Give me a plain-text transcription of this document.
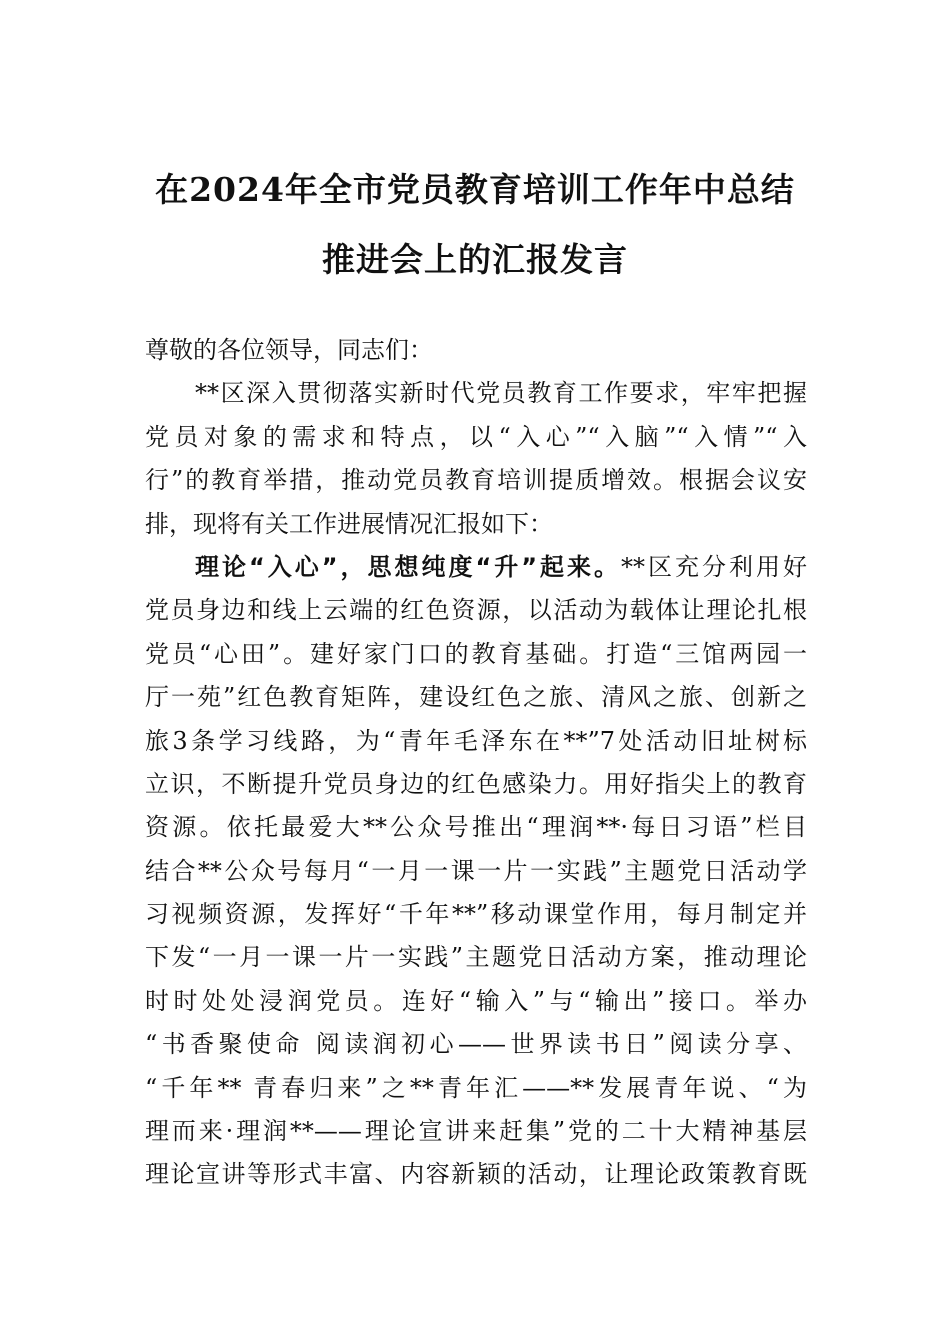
在2024年全市党员教育培训工作年中总结
推进会上的汇报发言
尊敬的各位领导，同志们：
**区深入贯彻落实新时代党员教育工作要求，牢牢把握
党员对象的需求和特点，以“入心”“入脑”“入情”“入
行”的教育举措，推动党员教育培训提质增效。根据会议安
排，现将有关工作进展情况汇报如下：
理论“入心”，思想纯度“升”起来。**区充分利用好
党员身边和线上云端的红色资源，以活动为载体让理论扎根
党员“心田”。建好家门口的教育基础。打造“三馆两园一
厅一苑”红色教育矩阵，建设红色之旅、清风之旅、创新之
旅3条学习线路，为“青年毛泽东在**”7处活动旧址树标
立识，不断提升党员身边的红色感染力。用好指尖上的教育
资源。依托最爱大**公众号推出“理润**·每日习语”栏目
结合**公众号每月“一月一课一片一实践”主题党日活动学
习视频资源，发挥好“千年**”移动课堂作用，每月制定并
下发“一月一课一片一实践”主题党日活动方案，推动理论
时时处处浸润党员。连好“输入”与“输出”接口。举办
“书香聚使命 阅读润初心——世界读书日”阅读分享、
“千年** 青春归来”之**青年汇——**发展青年说、“为
理而来·理润**——理论宣讲来赶集”党的二十大精神基层
理论宣讲等形式丰富、内容新颖的活动，让理论政策教育既
